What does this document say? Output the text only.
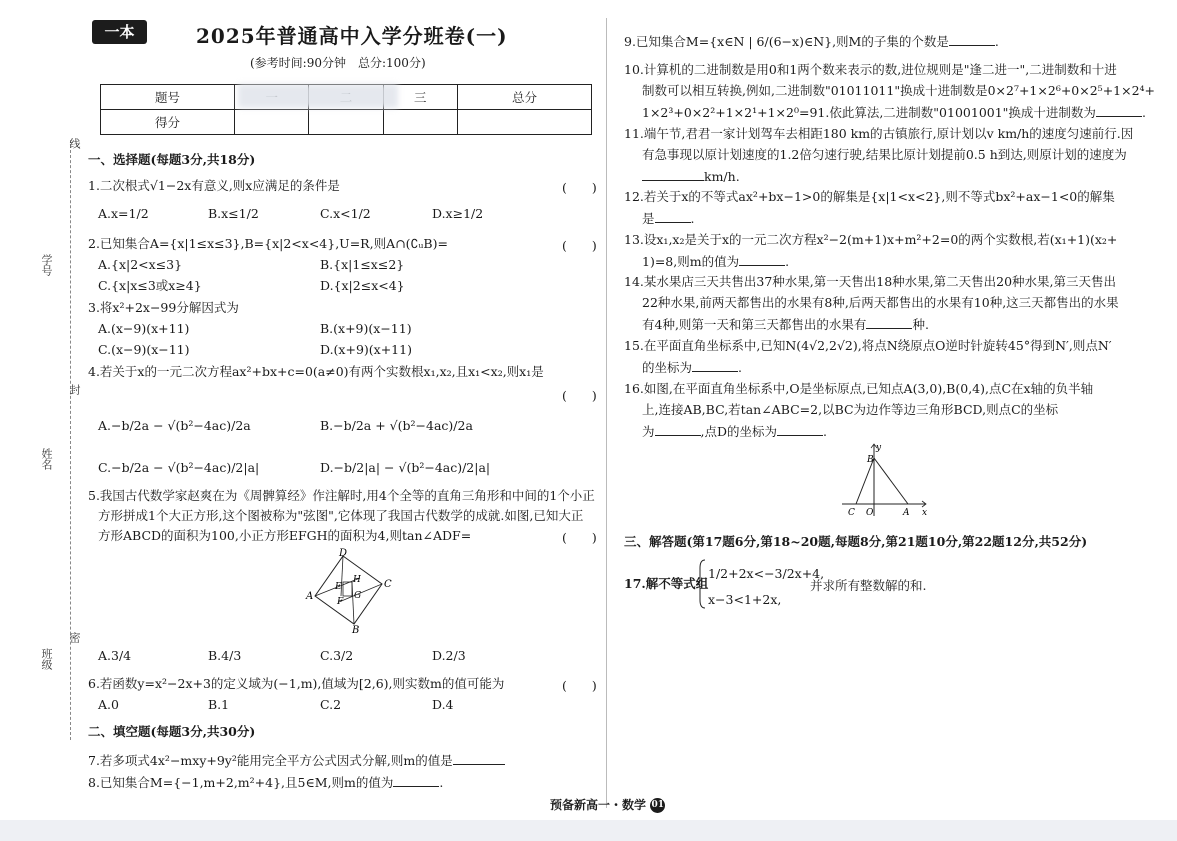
一本	2025年普通高中入学分班卷(一)
(参考时间:90分钟　总分:100分)
题号			三	总分
得分				
线
封
密
学号
姓名
班级
一、选择题(每题3分,共18分)
1.二次根式√1−2x有意义,则x应满足的条件是	(　　)
A.x=1/2	B.x≤1/2	C.x<1/2	D.x≥1/2
2.已知集合A={x|1≤x≤3},B={x|2<x<4},U=R,则A∩(∁ᵤB)=	(　　)
A.{x|2<x≤3}	B.{x|1≤x≤2}
C.{x|x≤3或x≥4}	D.{x|2≤x<4}
3.将x²+2x−99分解因式为
A.(x−9)(x+11)	B.(x+9)(x−11)
C.(x−9)(x−11)	D.(x+9)(x+11)
4.若关于x的一元二次方程ax²+bx+c=0(a≠0)有两个实数根x₁,x₂,且x₁<x₂,则x₁是
(　　)
A.−b/2a − √(b²−4ac)/2a	B.−b/2a + √(b²−4ac)/2a
C.−b/2a − √(b²−4ac)/2|a|	D.−b/2|a| − √(b²−4ac)/2|a|
5.我国古代数学家赵爽在为《周髀算经》作注解时,用4个全等的直角三角形和中间的1个小正
方形拼成1个大正方形,这个图被称为"弦图",它体现了我国古代数学的成就.如图,已知大正
方形ABCD的面积为100,小正方形EFGH的面积为4,则tan∠ADF=	(　　)
D
A
B
C
E
H
F
G
A.3/4	B.4/3	C.3/2	D.2/3
6.若函数y=x²−2x+3的定义域为(−1,m),值域为[2,6),则实数m的值可能为	(　　)
A.0	B.1	C.2	D.4
二、填空题(每题3分,共30分)
7.若多项式4x²−mxy+9y²能用完全平方公式因式分解,则m的值是
8.已知集合M={−1,m+2,m²+4},且5∈M,则m的值为	.
9.已知集合M={x∈N | 6/(6−x)∈N},则M的子集的个数是	.
10.计算机的二进制数是用0和1两个数来表示的数,进位规则是"逢二进一",二进制数和十进
制数可以相互转换,例如,二进制数"01011011"换成十进制数是0×2⁷+1×2⁶+0×2⁵+1×2⁴+
1×2³+0×2²+1×2¹+1×2⁰=91.依此算法,二进制数"01001001"换成十进制数为	.
11.端午节,君君一家计划驾车去相距180 km的古镇旅行,原计划以v km/h的速度匀速前行.因
有急事现以原计划速度的1.2倍匀速行驶,结果比原计划提前0.5 h到达,则原计划的速度为
km/h.
12.若关于x的不等式ax²+bx−1>0的解集是{x|1<x<2},则不等式bx²+ax−1<0的解集
是	.
13.设x₁,x₂是关于x的一元二次方程x²−2(m+1)x+m²+2=0的两个实数根,若(x₁+1)(x₂+
1)=8,则m的值为	.
14.某水果店三天共售出37种水果,第一天售出18种水果,第二天售出20种水果,第三天售出
22种水果,前两天都售出的水果有8种,后两天都售出的水果有10种,这三天都售出的水果
有4种,则第一天和第三天都售出的水果有	种.
15.在平面直角坐标系中,已知N(4√2,2√2),将点N绕原点O逆时针旋转45°得到N′,则点N′
的坐标为	.
16.如图,在平面直角坐标系中,O是坐标原点,已知点A(3,0),B(0,4),点C在x轴的负半轴
上,连接AB,BC,若tan∠ABC=2,以BC为边作等边三角形BCD,则点C的坐标
为	,点D的坐标为	.
y
B
C O	A x
三、解答题(第17题6分,第18~20题,每题8分,第21题10分,第22题12分,共52分)
17.解不等式组
1/2+2x<−3/2x+4,
x−3<1+2x,
并求所有整数解的和.
预备新高一・数学 01
